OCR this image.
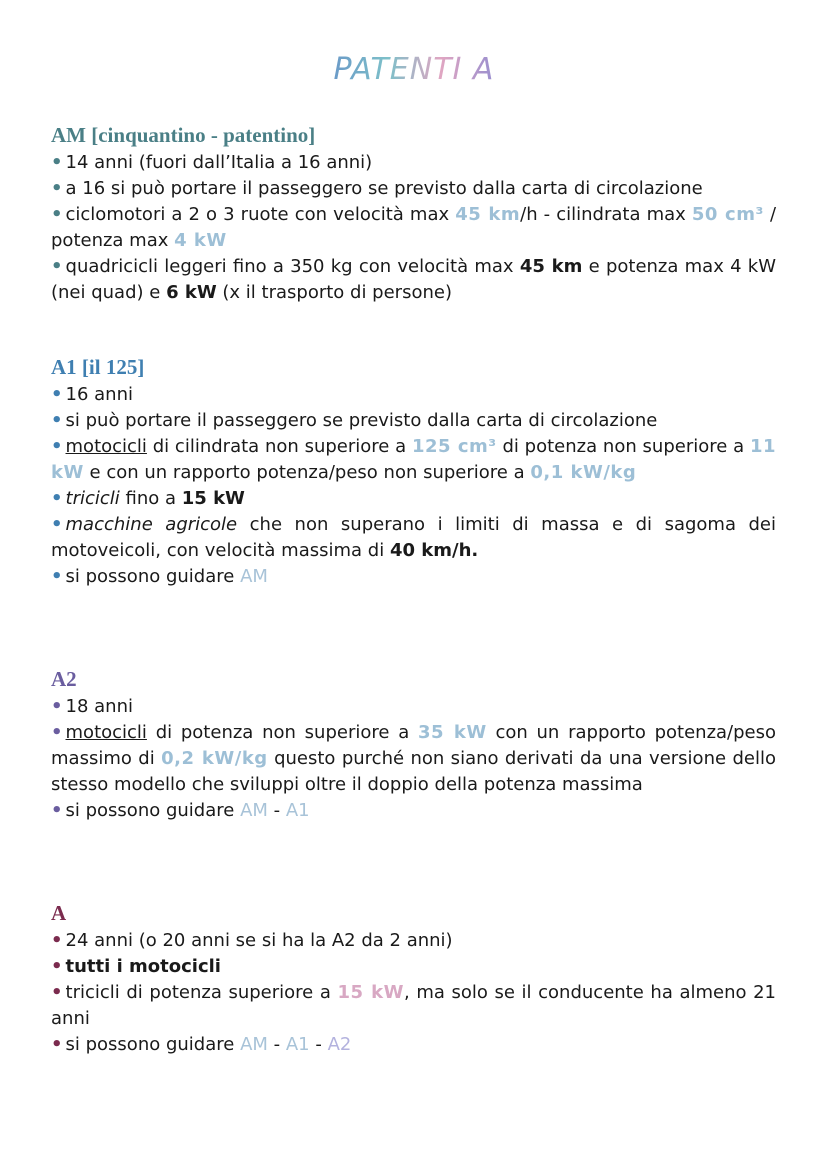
PATENTI A
AM [cinquantino - patentino]

• 14 anni (fuori dall’Italia a 16 anni)

• a 16 si può portare il passeggero se previsto dalla carta di circolazione

• ciclomotori a 2 o 3 ruote con velocità max 45 km/h - cilindrata max 50 cm³ / potenza max 4 kW

• quadricicli leggeri fino a 350 kg con velocità max 45 km e potenza max 4 kW (nei quad) e 6 kW (x il trasporto di persone)

A1 [il 125]

• 16 anni

• si può portare il passeggero se previsto dalla carta di circolazione

• motocicli di cilindrata non superiore a 125 cm³ di potenza non superiore a 11 kW e con un rapporto potenza/peso non superiore a 0,1 kW/kg

• tricicli fino a 15 kW

• macchine agricole che non superano i limiti di massa e di sagoma dei motoveicoli, con velocità massima di 40 km/h.

• si possono guidare AM

A2

• 18 anni

• motocicli di potenza non superiore a 35 kW con un rapporto potenza/peso massimo di 0,2 kW/kg questo purché non siano derivati da una versione dello stesso modello che sviluppi oltre il doppio della potenza massima

• si possono guidare AM - A1

A

• 24 anni (o 20 anni se si ha la A2 da 2 anni)

• tutti i motocicli

• tricicli di potenza superiore a 15 kW, ma solo se il conducente ha almeno 21 anni

• si possono guidare AM - A1 - A2
